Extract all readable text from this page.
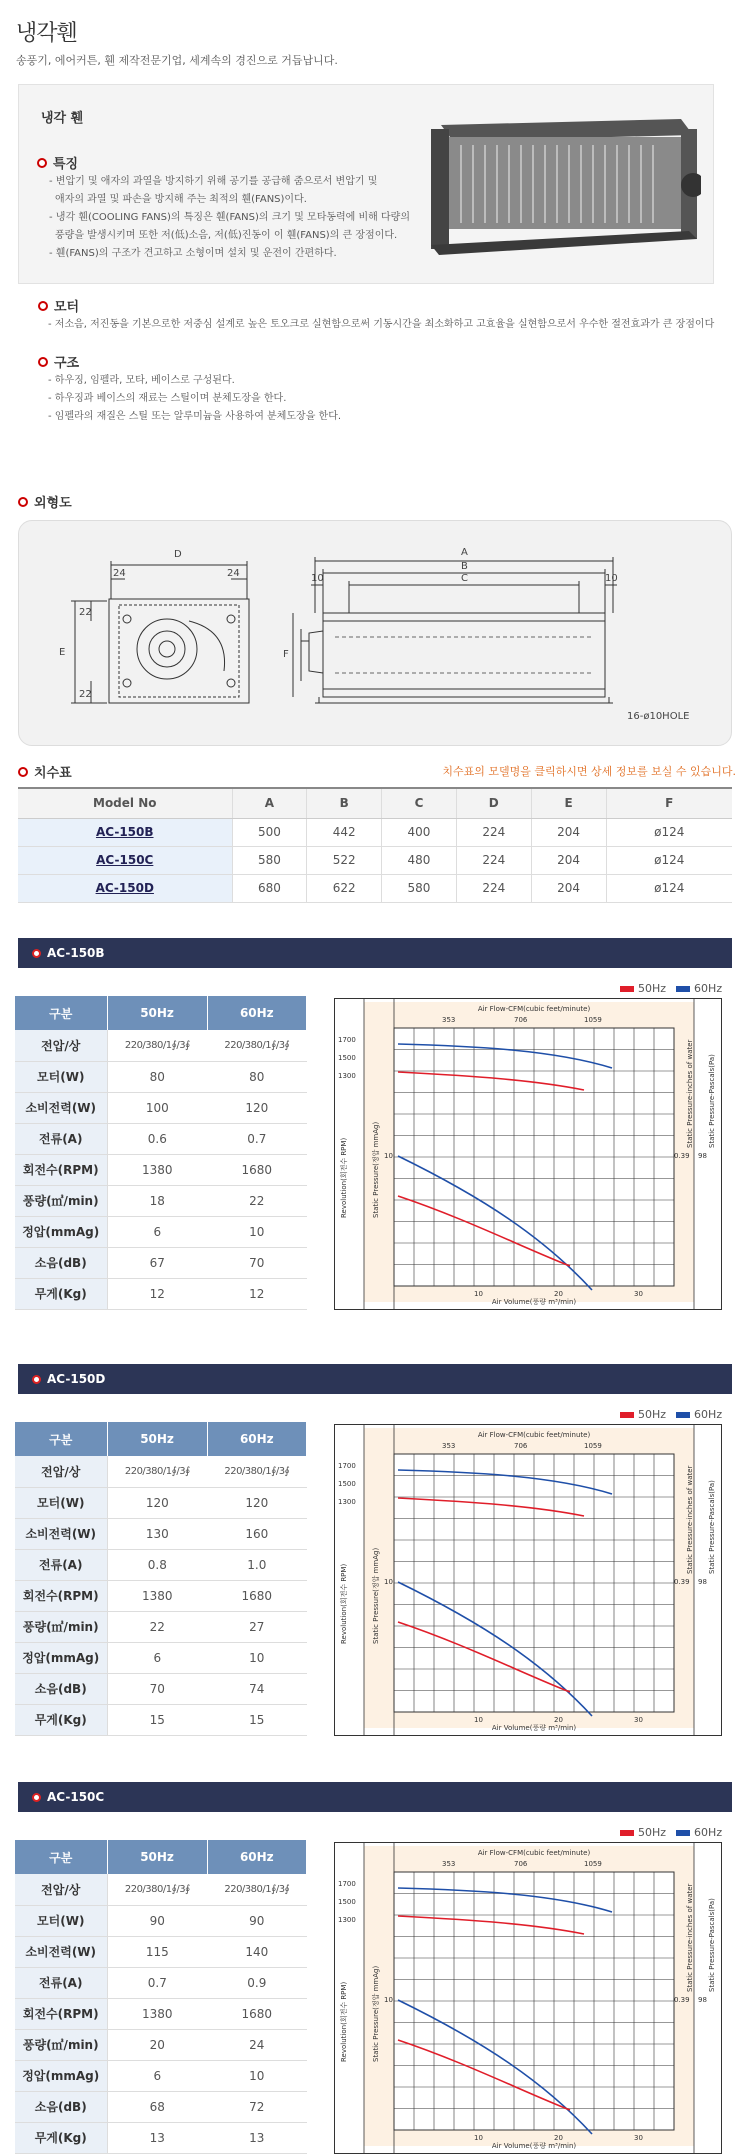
냉각휀
송풍기, 에어커튼, 휀 제작전문기업, 세계속의 경진으로 거듭납니다.
냉각 휀
특징
- 변압기 및 애자의 과열을 방지하기 위해 공기를 공급해 줌으로서 변압기 및
애자의 과열 및 파손을 방지해 주는 최적의 휀(FANS)이다.
- 냉각 휀(COOLING FANS)의 특징은 휀(FANS)의 크기 및 모타동력에 비해 다량의
풍량을 발생시키며 또한 저(低)소음, 저(低)진동이 이 휀(FANS)의 큰 장점이다.
- 휀(FANS)의 구조가 견고하고 소형이며 설치 및 운전이 간편하다.
모터
- 저소음, 저진동을 기본으로한 저중심 설계로 높은 토오크로 실현함으로써 기동시간을 최소화하고 고효율을 실현함으로서 우수한 절전효과가 큰 장점이다
구조
- 하우징, 임펠라, 모타, 베이스로 구성된다.
- 하우징과 베이스의 재료는 스틸이며 분체도장을 한다.
- 임펠라의 재질은 스틸 또는 알루미늄을 사용하여 분체도장을 한다.
외형도
D
24	24
E
22
22
A
B
C
10	10
F
16-ø10HOLE
치수표	치수표의 모델명을 클릭하시면 상세 정보를 보실 수 있습니다.
Model No	A	B	C	D	E	F
AC-150B	500	442	400	224	204	ø124
AC-150C	580	522	480	224	204	ø124
AC-150D	680	622	580	224	204	ø124
AC-150B
50Hz	60Hz
구분	50Hz	60Hz
전압/상	220/380/1∮/3∮	220/380/1∮/3∮
모터(W)	80	80
소비전력(W)	100	120
전류(A)	0.6	0.7
회전수(RPM)	1380	1680
풍량(㎥/min)	18	22
정압(mmAg)	6	10
소음(dB)	67	70
무게(Kg)	12	12
Air Flow-CFM(cubic feet/minute)
353	706	1059
Air Volume(풍량 m³/min)
10	20	30
1700
1500
1300
10	0.39 98
Revolution(회전수 RPM)	Static Pressure(정압 mmAg)
Static Pressure-inches of water Static Pressure-Pascals(Pa)
AC-150D
50Hz	60Hz
구분	50Hz	60Hz
전압/상	220/380/1∮/3∮	220/380/1∮/3∮
모터(W)	120	120
소비전력(W)	130	160
전류(A)	0.8	1.0
회전수(RPM)	1380	1680
풍량(㎥/min)	22	27
정압(mmAg)	6	10
소음(dB)	70	74
무게(Kg)	15	15
Air Flow-CFM(cubic feet/minute)
353	706	1059
Air Volume(풍량 m³/min)
10	20	30
1700
1500
1300
10	0.39 98
Revolution(회전수 RPM)	Static Pressure(정압 mmAg)
Static Pressure-inches of water Static Pressure-Pascals(Pa)
AC-150C
50Hz	60Hz
구분	50Hz	60Hz
전압/상	220/380/1∮/3∮	220/380/1∮/3∮
모터(W)	90	90
소비전력(W)	115	140
전류(A)	0.7	0.9
회전수(RPM)	1380	1680
풍량(㎥/min)	20	24
정압(mmAg)	6	10
소음(dB)	68	72
무게(Kg)	13	13
Air Flow-CFM(cubic feet/minute)
353	706	1059
Air Volume(풍량 m³/min)
10	20	30
1700
1500
1300
10	0.39 98
Revolution(회전수 RPM)	Static Pressure(정압 mmAg)
Static Pressure-inches of water Static Pressure-Pascals(Pa)
